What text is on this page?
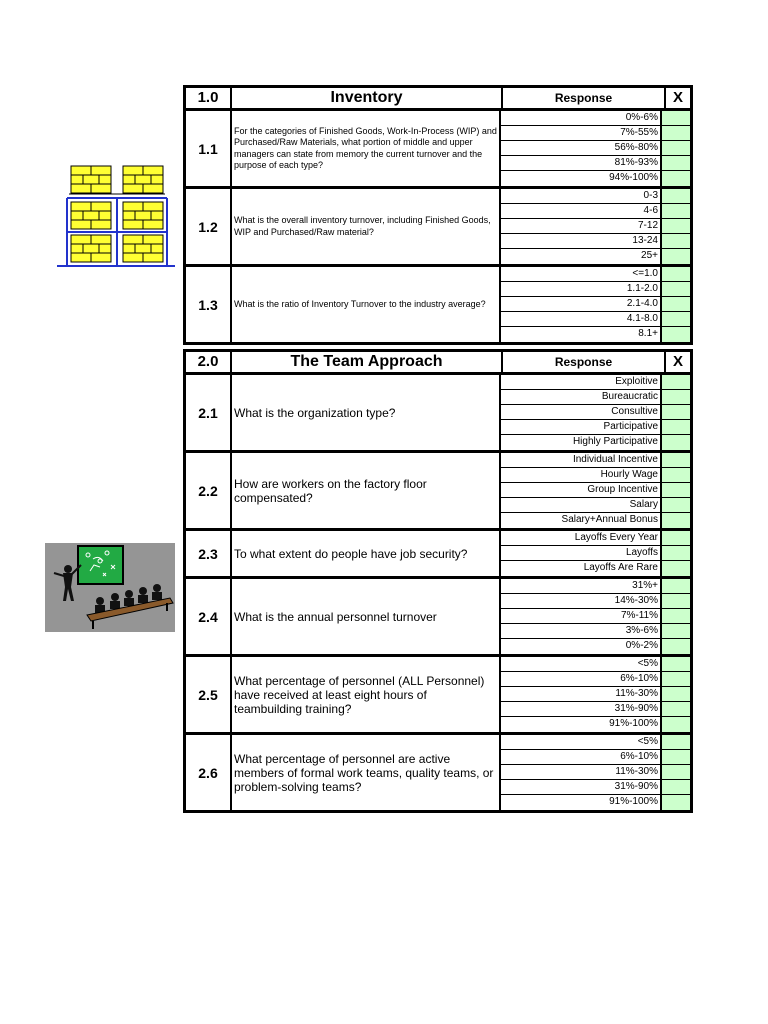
1.0	Inventory	Response	X
1.1
For the categories of Finished Goods, Work-In-Process (WIP) and Purchased/Raw Materials, what portion of middle and upper managers can state from memory the current turnover and the purpose of each type?
0%-6%
7%-55%
56%-80%
81%-93%
94%-100%
1.2	What is the overall inventory turnover, including Finished Goods, WIP and Purchased/Raw material?
0-3
4-6
7-12
13-24
25+
1.3	What is the ratio of Inventory Turnover to the industry average?
<=1.0
1.1-2.0
2.1-4.0
4.1-8.0
8.1+
2.0	The Team Approach	Response	X
2.1	What is the organization type?
Exploitive
Bureaucratic
Consultive
Participative
Highly Participative
2.2	How are workers on the factory floor compensated?
Individual Incentive
Hourly Wage
Group Incentive
Salary
Salary+Annual Bonus
2.3	To what extent do people have job security?
Layoffs Every Year
Layoffs
Layoffs Are Rare
2.4	What is the annual personnel turnover
31%+
14%-30%
7%-11%
3%-6%
0%-2%
2.5
What percentage of personnel (ALL Personnel) have received at least eight hours of teambuilding training?
<5%
6%-10%
11%-30%
31%-90%
91%-100%
2.6
What percentage of personnel are active members of formal work teams, quality teams, or problem-solving teams?
<5%
6%-10%
11%-30%
31%-90%
91%-100%
